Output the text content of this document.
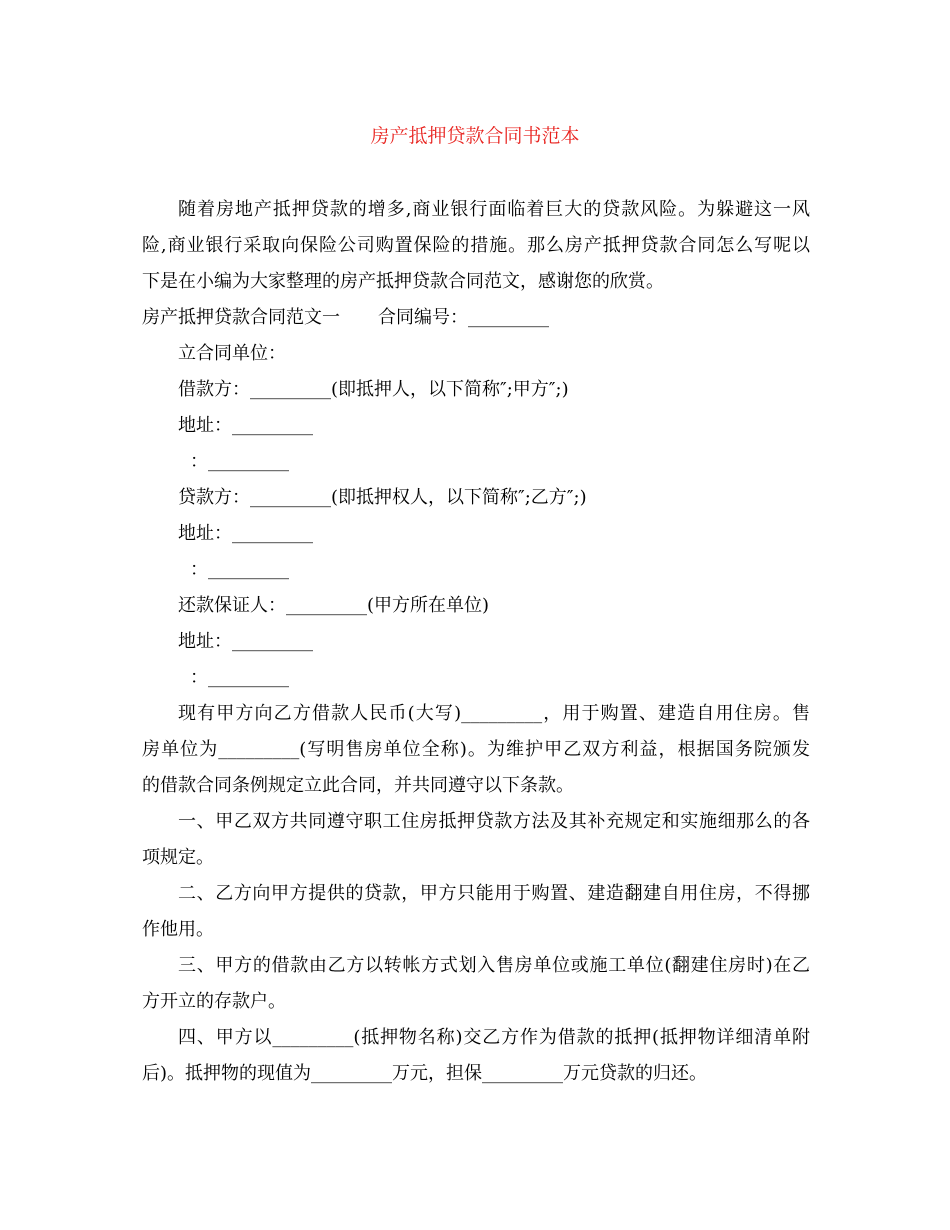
房产抵押贷款合同书范本
随着房地产抵押贷款的增多,商业银行面临着巨大的贷款风险。为躲避这一风
险,商业银行采取向保险公司购置保险的措施。那么房产抵押贷款合同怎么写呢以
下是在小编为大家整理的房产抵押贷款合同范文，感谢您的欣赏。
房产抵押贷款合同范文一 合同编号：_________
立合同单位：
借款方：_________(即抵押人，以下简称″;甲方″;)
地址：_________
：_________
贷款方：_________(即抵押权人，以下简称″;乙方″;)
地址：_________
：_________
还款保证人：_________(甲方所在单位)
地址：_________
：_________
现有甲方向乙方借款人民币(大写)_________，用于购置、建造自用住房。售
房单位为_________(写明售房单位全称)。为维护甲乙双方利益，根据国务院颁发
的借款合同条例规定立此合同，并共同遵守以下条款。
一、甲乙双方共同遵守职工住房抵押贷款方法及其补充规定和实施细那么的各
项规定。
二、乙方向甲方提供的贷款，甲方只能用于购置、建造翻建自用住房，不得挪
作他用。
三、甲方的借款由乙方以转帐方式划入售房单位或施工单位(翻建住房时)在乙
方开立的存款户。
四、甲方以_________(抵押物名称)交乙方作为借款的抵押(抵押物详细清单附
后)。抵押物的现值为_________万元，担保_________万元贷款的归还。
